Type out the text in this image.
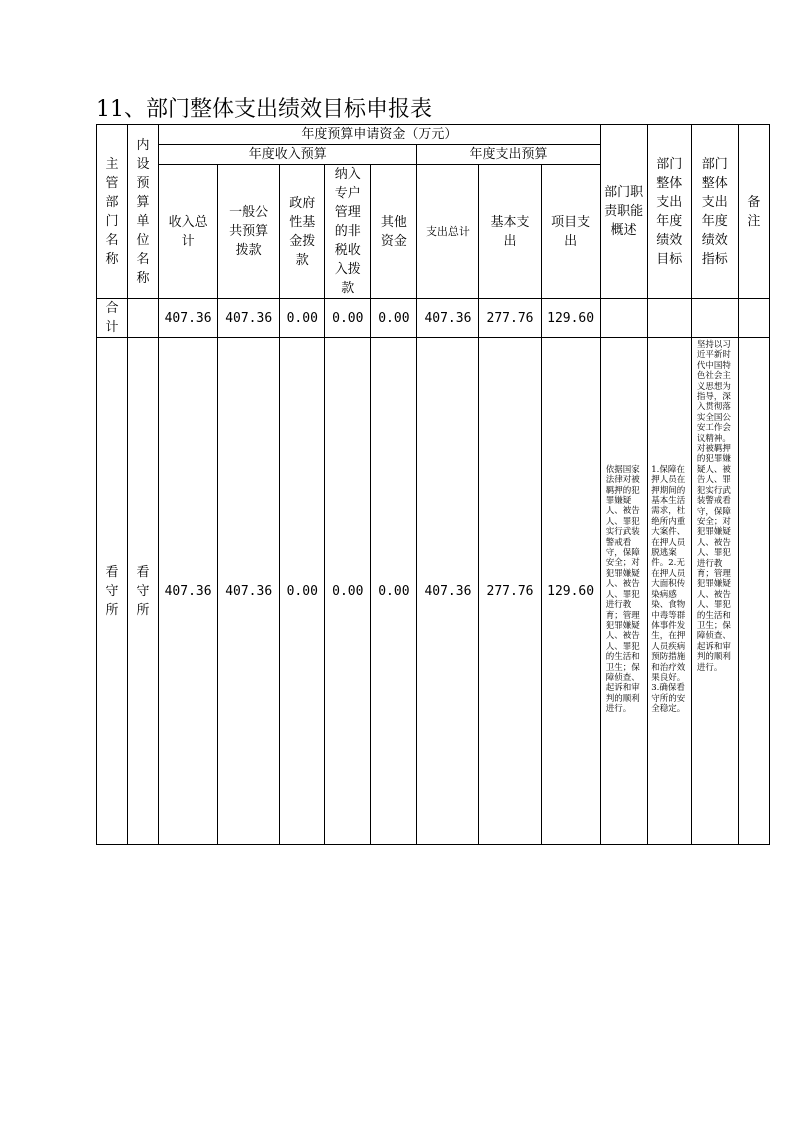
11、部门整体支出绩效目标申报表
主管部门名称	内设预算单位名称	年度预算申请资金（万元）								部门职责职能概述	部门整体支出年度绩效目标	部门整体支出年度绩效指标	备注
		年度收入预算					年度支出预算						
		收入总计	一般公共预算拨款	政府性基金拨款	纳入专户管理的非税收入拨款	其他资金	支出总计	基本支出	项目支出				
合计		407.36	407.36	0.00	0.00	0.00	407.36	277.76	129.60				
看守所	看守所	407.36	407.36	0.00	0.00	0.00	407.36	277.76	129.60	依据国家法律对被羁押的犯罪嫌疑人、被告人、罪犯实行武装警戒看守，保障安全；对犯罪嫌疑人、被告人、罪犯进行教育；管理犯罪嫌疑人、被告人、罪犯的生活和卫生；保障侦查、起诉和审判的顺利进行。	1.保障在押人员在押期间的基本生活需求，杜绝所内重大案件、在押人员脱逃案件。2.无在押人员大面积传染病感染、食物中毒等群体事件发生，在押人员疾病预防措施和治疗效果良好。3.确保看守所的安全稳定。	坚持以习近平新时代中国特色社会主义思想为指导，深入贯彻落实全国公安工作会议精神。对被羁押的犯罪嫌疑人、被告人、罪犯实行武装警戒看守，保障安全；对犯罪嫌疑人、被告人、罪犯进行教育；管理犯罪嫌疑人、被告人、罪犯的生活和卫生；保障侦查、起诉和审判的顺利进行。	
